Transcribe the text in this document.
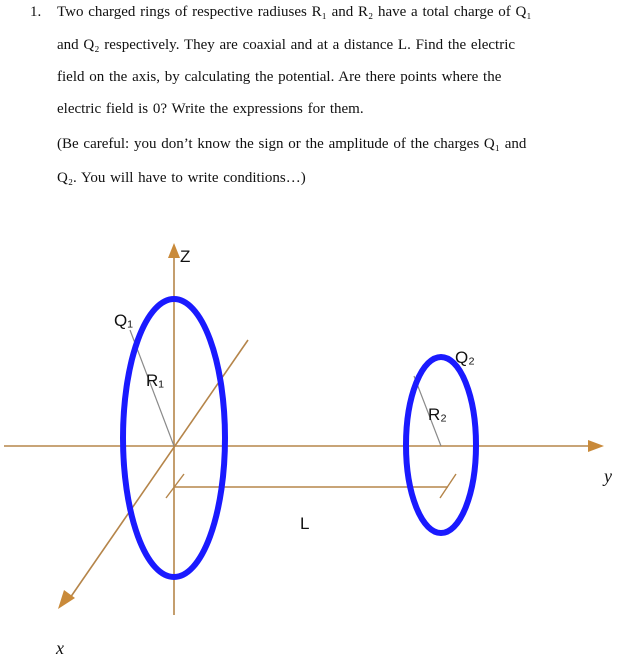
1. Two charged rings of respective radiuses R₁ and R₂ have a total charge of Q₁
and Q₂ respectively. They are coaxial and at a distance L. Find the electric
field on the axis, by calculating the potential. Are there points where the
electric field is 0? Write the expressions for them.
(Be careful: you don’t know the sign or the amplitude of the charges Q₁ and
Q₂. You will have to write conditions…)
Z
Q₁
R₁
Q₂
R₂
L
y
x
